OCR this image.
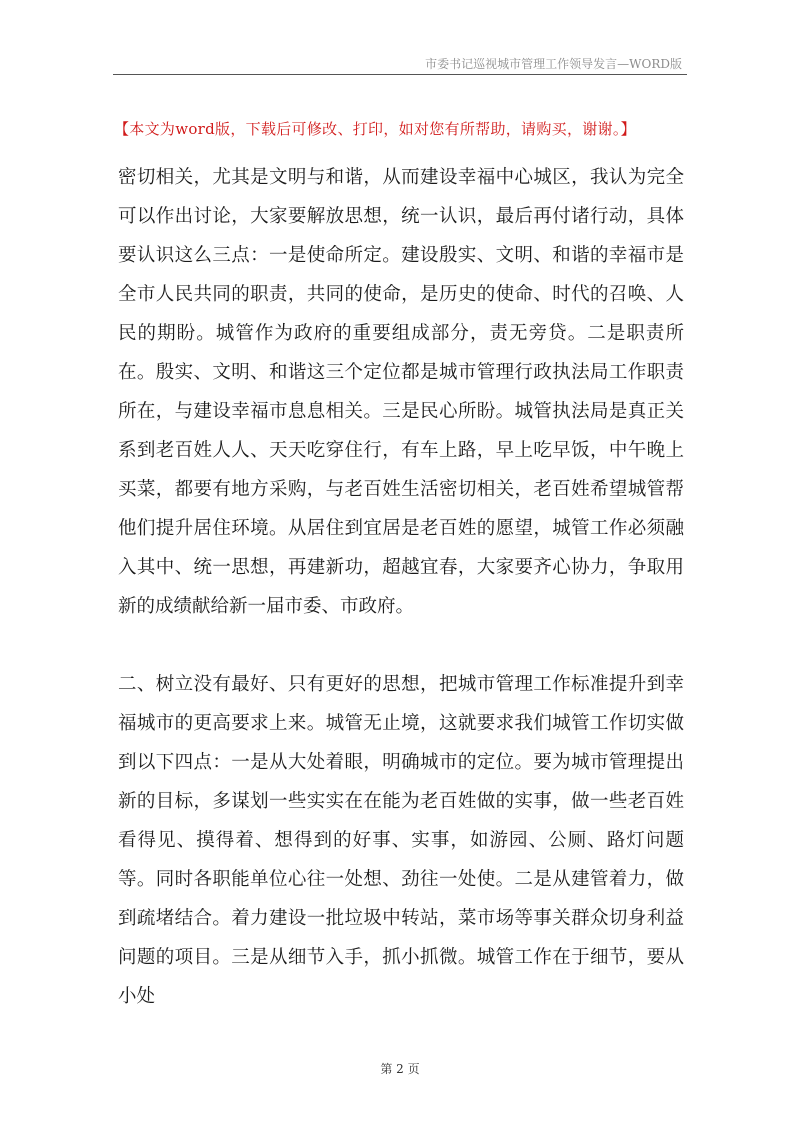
市委书记巡视城市管理工作领导发言—WORD版
【本文为word版，下载后可修改、打印，如对您有所帮助，请购买，谢谢。】

密切相关，尤其是文明与和谐，从而建设幸福中心城区，我认为完全可以作出讨论，大家要解放思想，统一认识，最后再付诸行动，具体要认识这么三点：一是使命所定。建设殷实、文明、和谐的幸福市是全市人民共同的职责，共同的使命，是历史的使命、时代的召唤、人民的期盼。城管作为政府的重要组成部分，责无旁贷。二是职责所在。殷实、文明、和谐这三个定位都是城市管理行政执法局工作职责所在，与建设幸福市息息相关。三是民心所盼。城管执法局是真正关系到老百姓人人、天天吃穿住行，有车上路，早上吃早饭，中午晚上买菜，都要有地方采购，与老百姓生活密切相关，老百姓希望城管帮他们提升居住环境。从居住到宜居是老百姓的愿望，城管工作必须融入其中、统一思想，再建新功，超越宜春，大家要齐心协力，争取用新的成绩献给新一届市委、市政府。

二、树立没有最好、只有更好的思想，把城市管理工作标准提升到幸福城市的更高要求上来。城管无止境，这就要求我们城管工作切实做到以下四点：一是从大处着眼，明确城市的定位。要为城市管理提出新的目标，多谋划一些实实在在能为老百姓做的实事，做一些老百姓看得见、摸得着、想得到的好事、实事，如游园、公厕、路灯问题等。同时各职能单位心往一处想、劲往一处使。二是从建管着力，做到疏堵结合。着力建设一批垃圾中转站，菜市场等事关群众切身利益问题的项目。三是从细节入手，抓小抓微。城管工作在于细节，要从小处

第 2 页
